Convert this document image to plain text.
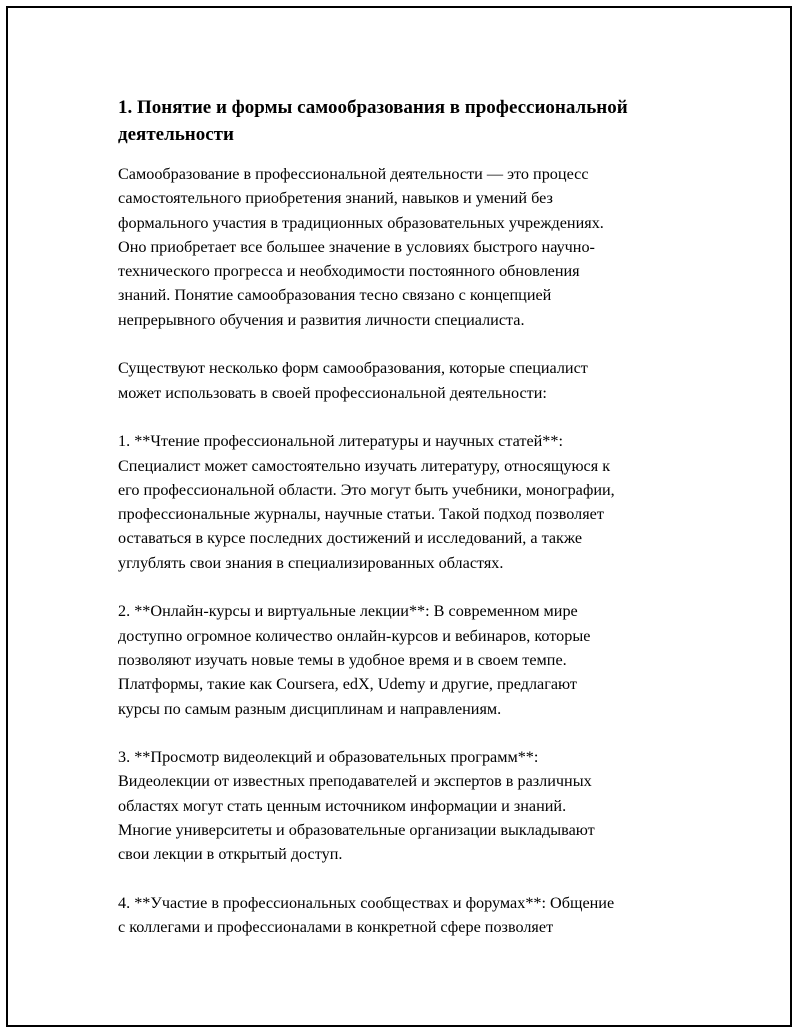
1. Понятие и формы самообразования в профессиональной
деятельности

Самообразование в профессиональной деятельности — это процесс
самостоятельного приобретения знаний, навыков и умений без
формального участия в традиционных образовательных учреждениях.
Оно приобретает все большее значение в условиях быстрого научно-
технического прогресса и необходимости постоянного обновления
знаний. Понятие самообразования тесно связано с концепцией
непрерывного обучения и развития личности специалиста.

Существуют несколько форм самообразования, которые специалист
может использовать в своей профессиональной деятельности:

1. **Чтение профессиональной литературы и научных статей**:
Специалист может самостоятельно изучать литературу, относящуюся к
его профессиональной области. Это могут быть учебники, монографии,
профессиональные журналы, научные статьи. Такой подход позволяет
оставаться в курсе последних достижений и исследований, а также
углублять свои знания в специализированных областях.

2. **Онлайн-курсы и виртуальные лекции**: В современном мире
доступно огромное количество онлайн-курсов и вебинаров, которые
позволяют изучать новые темы в удобное время и в своем темпе.
Платформы, такие как Coursera, edX, Udemy и другие, предлагают
курсы по самым разным дисциплинам и направлениям.

3. **Просмотр видеолекций и образовательных программ**:
Видеолекции от известных преподавателей и экспертов в различных
областях могут стать ценным источником информации и знаний.
Многие университеты и образовательные организации выкладывают
свои лекции в открытый доступ.

4. **Участие в профессиональных сообществах и форумах**: Общение
с коллегами и профессионалами в конкретной сфере позволяет
